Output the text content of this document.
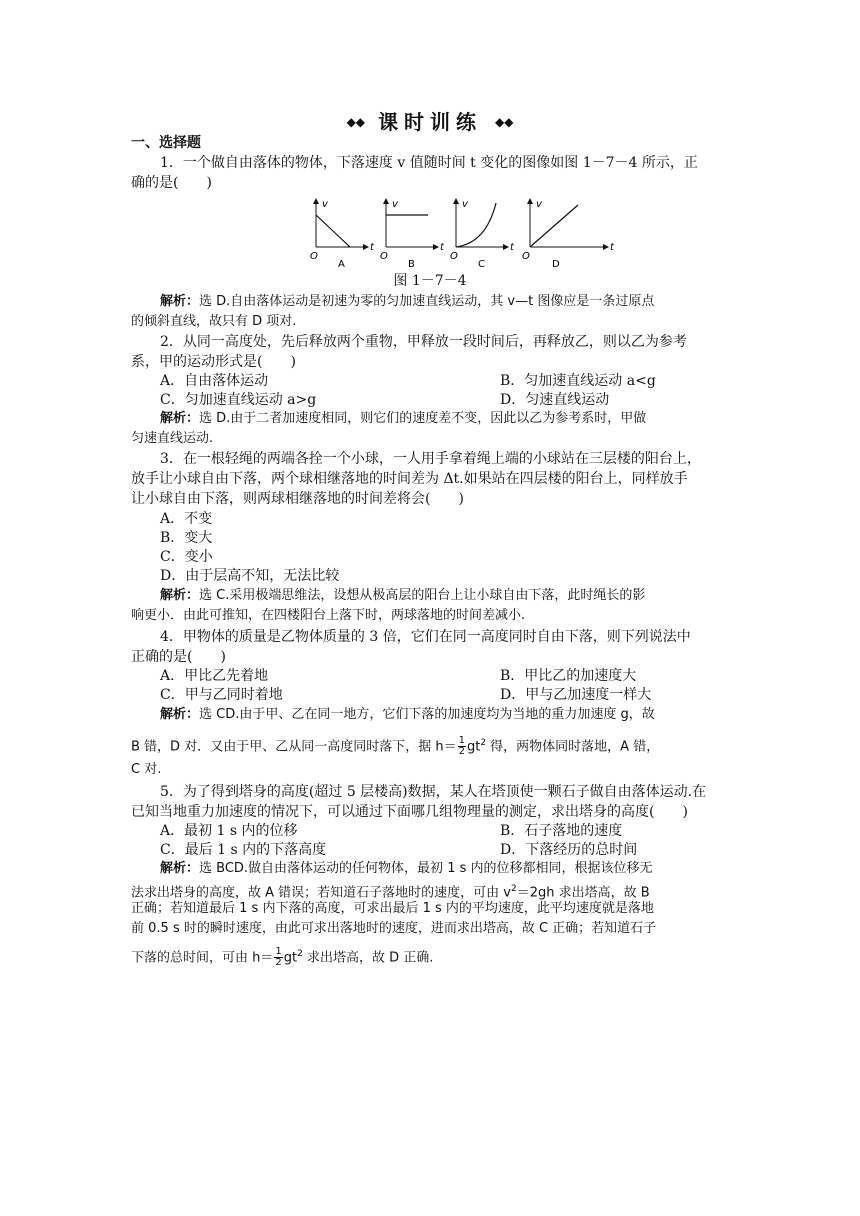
◆◆ 课时训练 ◆◆
一、选择题
1．一个做自由落体的物体，下落速度 v 值随时间 t 变化的图像如图 1－7－4 所示，正
确的是(　　)
v
t
O
A
v
t
O
B
v
t
O
C
v
t
O
D
图 1－7－4
解析：选 D.自由落体运动是初速为零的匀加速直线运动，其 v—t 图像应是一条过原点
的倾斜直线，故只有 D 项对.
2．从同一高度处，先后释放两个重物，甲释放一段时间后，再释放乙，则以乙为参考
系，甲的运动形式是(　　)
A．自由落体运动	B．匀加速直线运动 a<g
C．匀加速直线运动 a>g	D．匀速直线运动
解析：选 D.由于二者加速度相同，则它们的速度差不变，因此以乙为参考系时，甲做
匀速直线运动.
3．在一根轻绳的两端各拴一个小球，一人用手拿着绳上端的小球站在三层楼的阳台上，
放手让小球自由下落，两个球相继落地的时间差为 Δt.如果站在四层楼的阳台上，同样放手
让小球自由下落，则两球相继落地的时间差将会(　　)
A．不变
B．变大
C．变小
D．由于层高不知，无法比较
解析：选 C.采用极端思维法，设想从极高层的阳台上让小球自由下落，此时绳长的影
响更小．由此可推知，在四楼阳台上落下时，两球落地的时间差减小.
4．甲物体的质量是乙物体质量的 3 倍，它们在同一高度同时自由下落，则下列说法中
正确的是(　　)
A．甲比乙先着地	B．甲比乙的加速度大
C．甲与乙同时着地	D．甲与乙加速度一样大
解析：选 CD.由于甲、乙在同一地方，它们下落的加速度均为当地的重力加速度 g，故
B 错，D 对．又由于甲、乙从同一高度同时落下，据 $h= \frac{1}{2} gt^2$ 得，两物体同时落地，A 错，
C 对.
5．为了得到塔身的高度(超过 5 层楼高)数据，某人在塔顶使一颗石子做自由落体运动.在
已知当地重力加速度的情况下，可以通过下面哪几组物理量的测定，求出塔身的高度(　　)
A．最初 1 s 内的位移	B．石子落地的速度
C．最后 1 s 内的下落高度	D．下落经历的总时间
解析：选 BCD.做自由落体运动的任何物体，最初 1 s 内的位移都相同，根据该位移无
法求出塔身的高度，故 A 错误；若知道石子落地时的速度，可由 $v^2=2gh$ 求出塔高，故 B
正确；若知道最后 1 s 内下落的高度，可求出最后 1 s 内的平均速度，此平均速度就是落地
前 0.5 s 时的瞬时速度，由此可求出落地时的速度，进而求出塔高，故 C 正确；若知道石子
下落的总时间，可由 $h= \frac{1}{2} gt^2$ 求出塔高，故 D 正确.
